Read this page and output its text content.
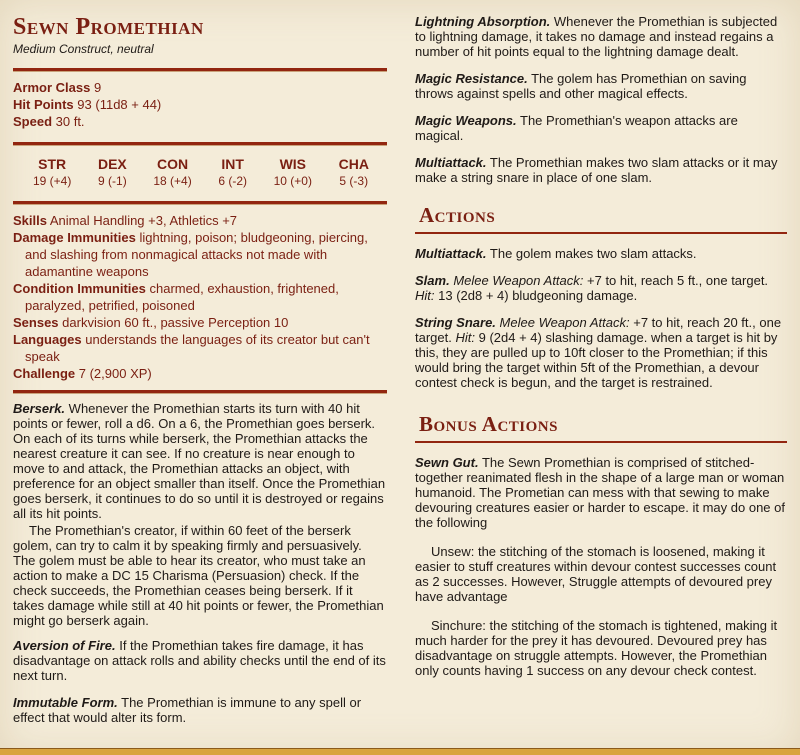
Sewn Promethian
Medium Construct, neutral
Armor Class 9
Hit Points 93 (11d8 + 44)
Speed 30 ft.
STR
19 (+4)
DEX
9 (-1)
CON
18 (+4)
INT
6 (-2)
WIS
10 (+0)
CHA
5 (-3)
Skills Animal Handling +3, Athletics +7
Damage Immunities lightning, poison; bludgeoning, piercing, and slashing from nonmagical attacks not made with adamantine weapons
Condition Immunities charmed, exhaustion, frightened, paralyzed, petrified, poisoned
Senses darkvision 60 ft., passive Perception 10
Languages understands the languages of its creator but can't speak
Challenge 7 (2,900 XP)
Berserk. Whenever the Promethian starts its turn with 40 hit points or fewer, roll a d6. On a 6, the Promethian goes berserk. On each of its turns while berserk, the Promethian attacks the nearest creature it can see. If no creature is near enough to move to and attack, the Promethian attacks an object, with preference for an object smaller than itself. Once the Promethian goes berserk, it continues to do so until it is destroyed or regains all its hit points.
The Promethian's creator, if within 60 feet of the berserk golem, can try to calm it by speaking firmly and persuasively. The golem must be able to hear its creator, who must take an action to make a DC 15 Charisma (Persuasion) check. If the check succeeds, the Promethian ceases being berserk. If it takes damage while still at 40 hit points or fewer, the Promethian might go berserk again.
Aversion of Fire. If the Promethian takes fire damage, it has disadvantage on attack rolls and ability checks until the end of its next turn.
Immutable Form. The Promethian is immune to any spell or effect that would alter its form.
Lightning Absorption. Whenever the Promethian is subjected to lightning damage, it takes no damage and instead regains a number of hit points equal to the lightning damage dealt.
Magic Resistance. The golem has Promethian on saving throws against spells and other magical effects.
Magic Weapons. The Promethian's weapon attacks are magical.
Multiattack. The Promethian makes two slam attacks or it may make a string snare in place of one slam.
Actions
Multiattack. The golem makes two slam attacks.
Slam. Melee Weapon Attack: +7 to hit, reach 5 ft., one target. Hit: 13 (2d8 + 4) bludgeoning damage.
String Snare. Melee Weapon Attack: +7 to hit, reach 20 ft., one target. Hit: 9 (2d4 + 4) slashing damage. when a target is hit by this, they are pulled up to 10ft closer to the Promethian; if this would bring the target within 5ft of the Promethian, a devour contest check is begun, and the target is restrained.
Bonus Actions
Sewn Gut. The Sewn Promethian is comprised of stitched-together reanimated flesh in the shape of a large man or woman humanoid. The Prometian can mess with that sewing to make devouring creatures easier or harder to escape. it may do one of the following
Unsew: the stitching of the stomach is loosened, making it easier to stuff creatures within devour contest successes count as 2 successes. However, Struggle attempts of devoured prey have advantage
Sinchure: the stitching of the stomach is tightened, making it much harder for the prey it has devoured. Devoured prey has disadvantage on struggle attempts. However, the Promethian only counts having 1 success on any devour check contest.
